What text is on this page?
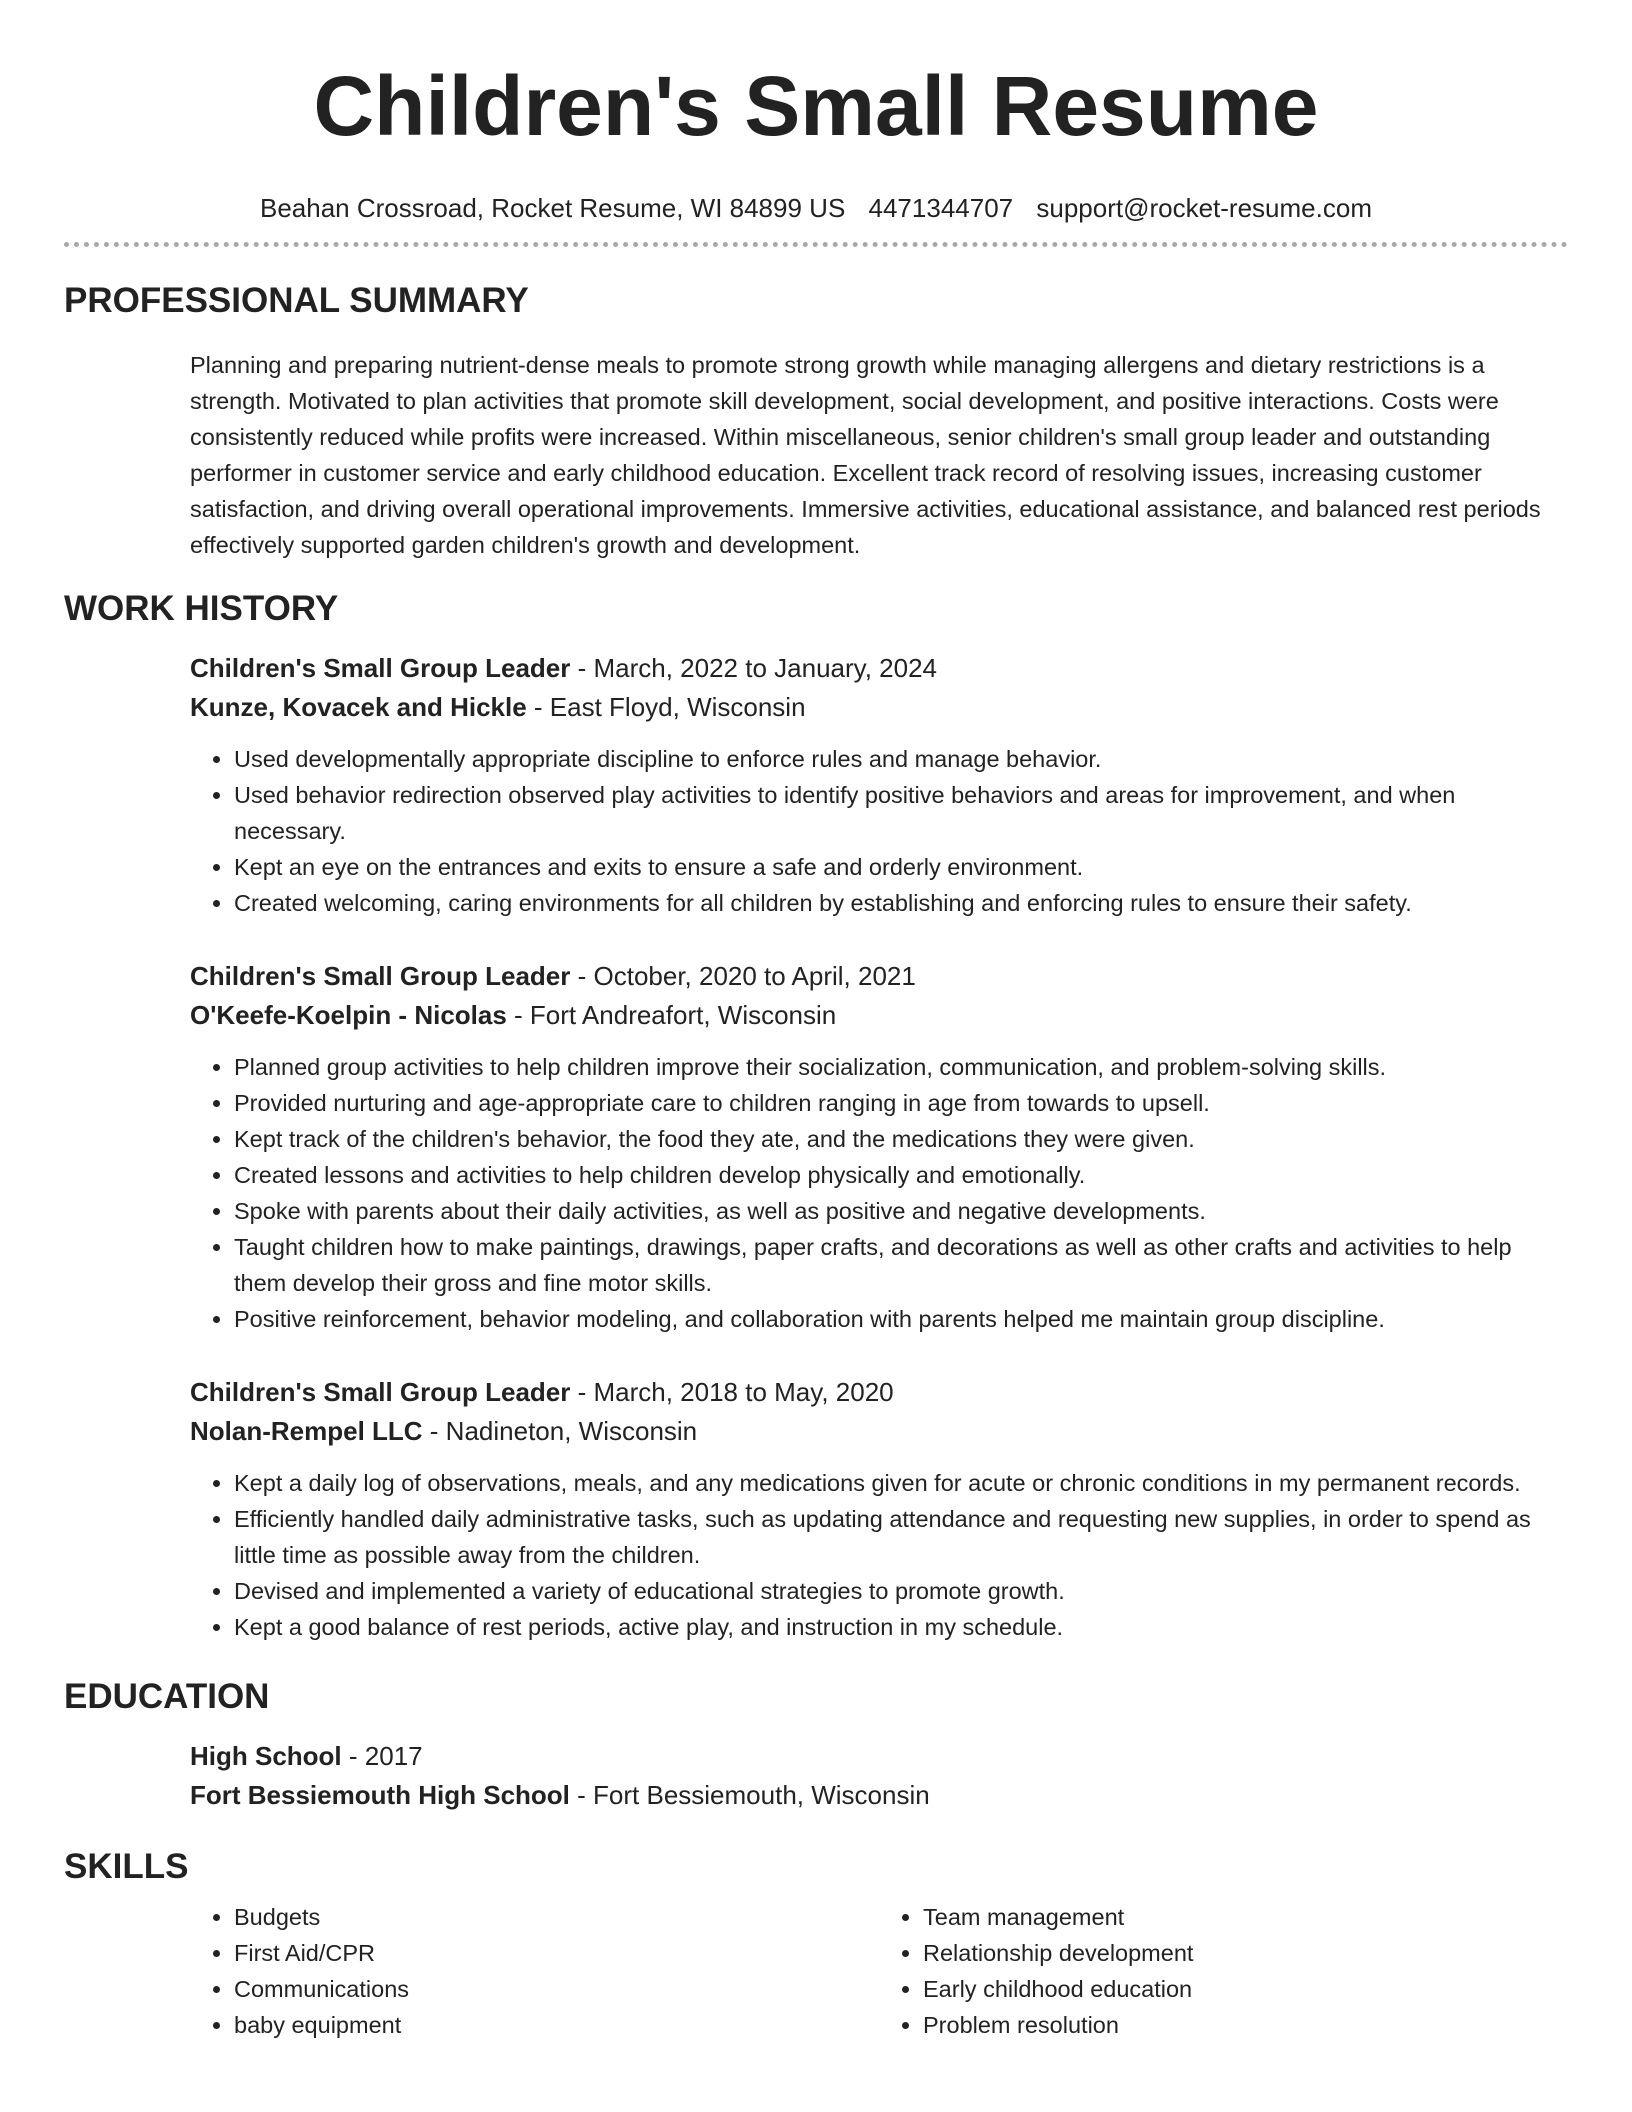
Children's Small Resume
Beahan Crossroad, Rocket Resume, WI 84899 US 4471344707 support@rocket-resume.com
PROFESSIONAL SUMMARY
Planning and preparing nutrient-dense meals to promote strong growth while managing allergens and dietary restrictions is a strength. Motivated to plan activities that promote skill development, social development, and positive interactions. Costs were consistently reduced while profits were increased. Within miscellaneous, senior children's small group leader and outstanding performer in customer service and early childhood education. Excellent track record of resolving issues, increasing customer satisfaction, and driving overall operational improvements. Immersive activities, educational assistance, and balanced rest periods effectively supported garden children's growth and development.
WORK HISTORY
Children's Small Group Leader - March, 2022 to January, 2024
Kunze, Kovacek and Hickle - East Floyd, Wisconsin
• Used developmentally appropriate discipline to enforce rules and manage behavior.
• Used behavior redirection observed play activities to identify positive behaviors and areas for improvement, and when necessary.
• Kept an eye on the entrances and exits to ensure a safe and orderly environment.
• Created welcoming, caring environments for all children by establishing and enforcing rules to ensure their safety.
Children's Small Group Leader - October, 2020 to April, 2021
O'Keefe-Koelpin - Nicolas - Fort Andreafort, Wisconsin
• Planned group activities to help children improve their socialization, communication, and problem-solving skills.
• Provided nurturing and age-appropriate care to children ranging in age from towards to upsell.
• Kept track of the children's behavior, the food they ate, and the medications they were given.
• Created lessons and activities to help children develop physically and emotionally.
• Spoke with parents about their daily activities, as well as positive and negative developments.
• Taught children how to make paintings, drawings, paper crafts, and decorations as well as other crafts and activities to help them develop their gross and fine motor skills.
• Positive reinforcement, behavior modeling, and collaboration with parents helped me maintain group discipline.
Children's Small Group Leader - March, 2018 to May, 2020
Nolan-Rempel LLC - Nadineton, Wisconsin
• Kept a daily log of observations, meals, and any medications given for acute or chronic conditions in my permanent records.
• Efficiently handled daily administrative tasks, such as updating attendance and requesting new supplies, in order to spend as little time as possible away from the children.
• Devised and implemented a variety of educational strategies to promote growth.
• Kept a good balance of rest periods, active play, and instruction in my schedule.
EDUCATION
High School - 2017
Fort Bessiemouth High School - Fort Bessiemouth, Wisconsin
SKILLS
• Budgets
• First Aid/CPR
• Communications
• baby equipment
• Team management
• Relationship development
• Early childhood education
• Problem resolution
